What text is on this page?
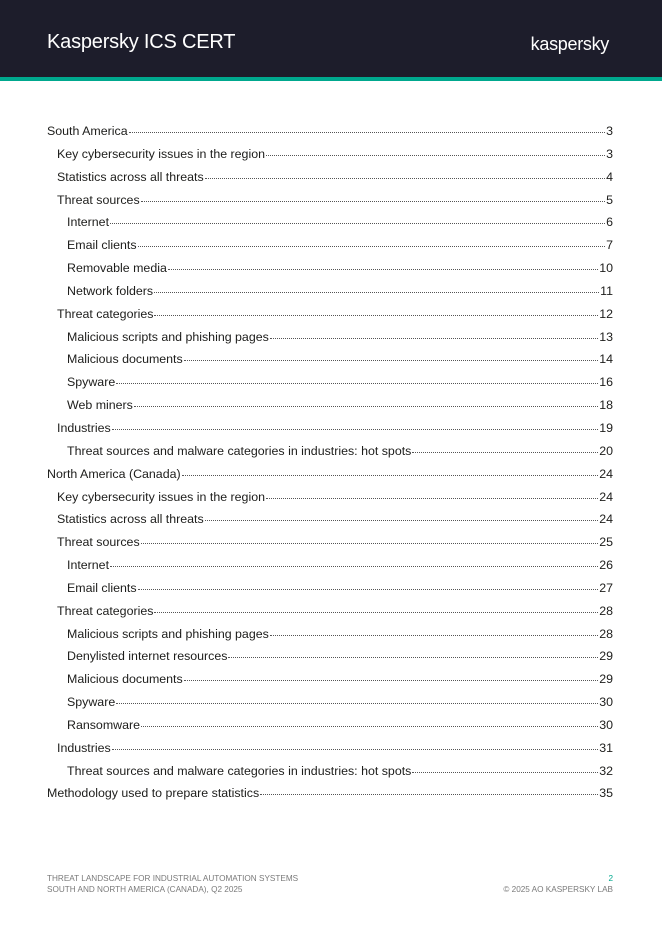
Kaspersky ICS CERT	kaspersky
South America	3
Key cybersecurity issues in the region	3
Statistics across all threats	4
Threat sources	5
Internet	6
Email clients	7
Removable media	10
Network folders	11
Threat categories	12
Malicious scripts and phishing pages	13
Malicious documents	14
Spyware	16
Web miners	18
Industries	19
Threat sources and malware categories in industries: hot spots	20
North America (Canada)	24
Key cybersecurity issues in the region	24
Statistics across all threats	24
Threat sources	25
Internet	26
Email clients	27
Threat categories	28
Malicious scripts and phishing pages	28
Denylisted internet resources	29
Malicious documents	29
Spyware	30
Ransomware	30
Industries	31
Threat sources and malware categories in industries: hot spots	32
Methodology used to prepare statistics	35
THREAT LANDSCAPE FOR INDUSTRIAL AUTOMATION SYSTEMS
SOUTH AND NORTH AMERICA (CANADA), Q2 2025
2
© 2025 AO KASPERSKY LAB
